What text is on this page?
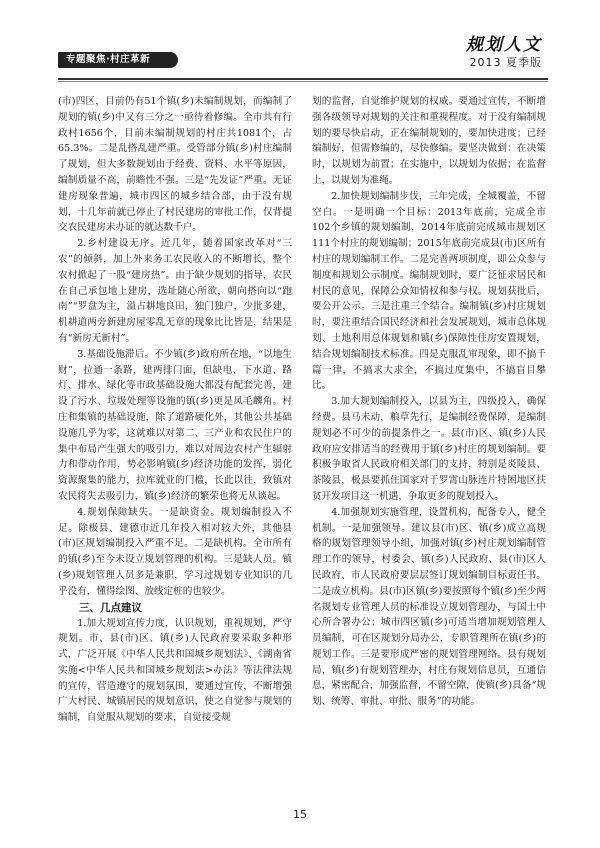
专题聚焦·村庄革新
规划人文
2013 夏季版

(市)四区，目前仍有51个镇(乡)未编制规划，而编制了规划的镇(乡)中又有三分之一亟待着修编。全市共有行政村1656个，目前未编制规划的村庄共1081个，占65.3%。二是乱搭乱建严重。受管部分镇(乡)村庄编制了规划，但大多数规划由于经费、资料、水平等原因，编制质量不高，前瞻性不强。三是“先发证”严重。无证建房现象普遍，城市四区的城乡结合部，由于没有规划，十几年前就已停止了村民建房的审批工作，仅背提交农民建房未办证的就达数千户。

2.乡村建设无序。近几年，随着国家改革对“三农”的倾斜，加上外来务工农民收入的不断增长，整个农村掀起了一股“建房热”。由于缺少规划的指导，农民在自己承包地上建房，选址随心所欲，朝向搭向以“跑南”“罗盘为主，溢占耕地良田，独门独户，少批多建，机耕道两旁新建房屋零乱无章的现象比比皆是，结果是有“新房无新村”。

3.基础设施滞后。不少镇(乡)政府所在地，“以地生财”，拉通一条路，建两排门面，但缺电、下水道、路灯、排水、绿化等市政基础设施大都没有配套完善，建设了污水、垃圾处理等设施的镇(乡)更是凤毛麟角。村庄和集镇的基础设施，除了道路硬化外，其他公共基础设施几乎为零，这就难以对第二、三产业和农民住户的集中布局产生强大的吸引力，难以对周边农村产生辐射力和带动作用，势必影响镇(乡)经济功能的发挥，弱化资源聚集的能力，拉库就业的门槛，长此以往，致镇对农民将失去吸引力，镇(乡)经济的繁荣也将无从谈起。

4.规划保障缺失。一是缺资金。规划编制投入不足。除极县、建德市近几年投入相对较大外，其他县(市)区规划编制投入严重不足。二是缺机构。全市所有的镇(乡)至今未设立规划管理的机构。三是缺人员。镇(乡)规划管理人员多是兼职，学习过规划专业知识的几乎没有，懂得绘图、放线定桩的也较少。

三、几点建议

1.加大规划宣传力度，认识规划，重视规划，严守规划。市、县(市)区、镇(乡)人民政府要采取多种形式，广泛开展《中华人民共和国城乡规划法》、《湖南省实施<中华人民共和国城乡规划法>办法》等法律法规的宣传，营造遵守的规划氛围，要通过宣传，不断增强广大村民、城镇居民的规划意识，使之自觉参与规划的编制，自觉服从规划的要求，自觉接受规

划的监督，自觉维护规划的权威。要通过宣传，不断增强各级领导对规划的关注和重视程度。对于没有编制规划的要尽快启动，正在编制规划的，要加快进度；已经编制好，但需修编的，尽快修编。要坚决做到：在决策时，以规划为前置；在实施中，以规划为依据；在监督上，以规划为准绳。

2.加快规划编制步伐，三年完成，全城覆盖，不留空白。一是明确一个目标：2013年底前，完成全市102个乡镇的规划编制，2014年底前完成城市规划区111个村庄的规划编制；2015年底前完成县(市)区所有村庄的规划编制工作。二是完善两项制度，即公众参与制度和规划公示制度。编制规划时，要广泛征求居民和村民的意见，保障公众知情权和参与权。规划获批后，要公开公示。三是注重三个结合。编制镇(乡)村庄规划时，要注重结合国民经济和社会发展规划，城市总体规划、土地利用总体规划和镇(乡)保障性住房安置规划，结合规划编制技术标准。四是克服乱审现象，即不搞千篇一律，不搞求大求全，不搞过度集中，不搞盲目攀比。

3.加大规划编制投入，以县为主，四级投入，确保经费。县马未动，粮草先行，是编制经费保障，是编制规划必不可少的前提条件之一。县(市)区、镇(乡)人民政府应安排适当的经费用于镇(乡)村庄的规划编制。要积极争取省人民政府相关部门的支持，特别是炎陵县、茶陵县，极县要抓住国家对于罗霄山脉连片特困地区扶贫开发项目这一机遇，争取更多的规划投入。

4.加强规划实施管理，设置机构，配备专人，健全机制。一是加强领导。建议县(市)区、镇(乡)成立高规格的规划管理领导小组，加强对镇(乡)村庄规划编制管理工作的领导，村委会、镇(乡)人民政府、县(市)区人民政府、市人民政府要层层签订规划编制目标责任书。二是成立机构。县(市)区镇(乡)要按照每个镇(乡)至少两名规划专业管理人员的标准设立规划管理办，与国土中心所合署办公；城市四区镇(乡)可适当增加规划管理人员编制，可在区规划分局办公，专职管理所在镇(乡)的规划工作。三是要形成严密的规划管理网络。县有规划局，镇(乡)有规划管理办，村庄有规划信息员，互通信息，紧密配合，加强监督，不留空隙，使镇(乡)具备“规划、统筹、审批、审批、服务”的功能。

15
